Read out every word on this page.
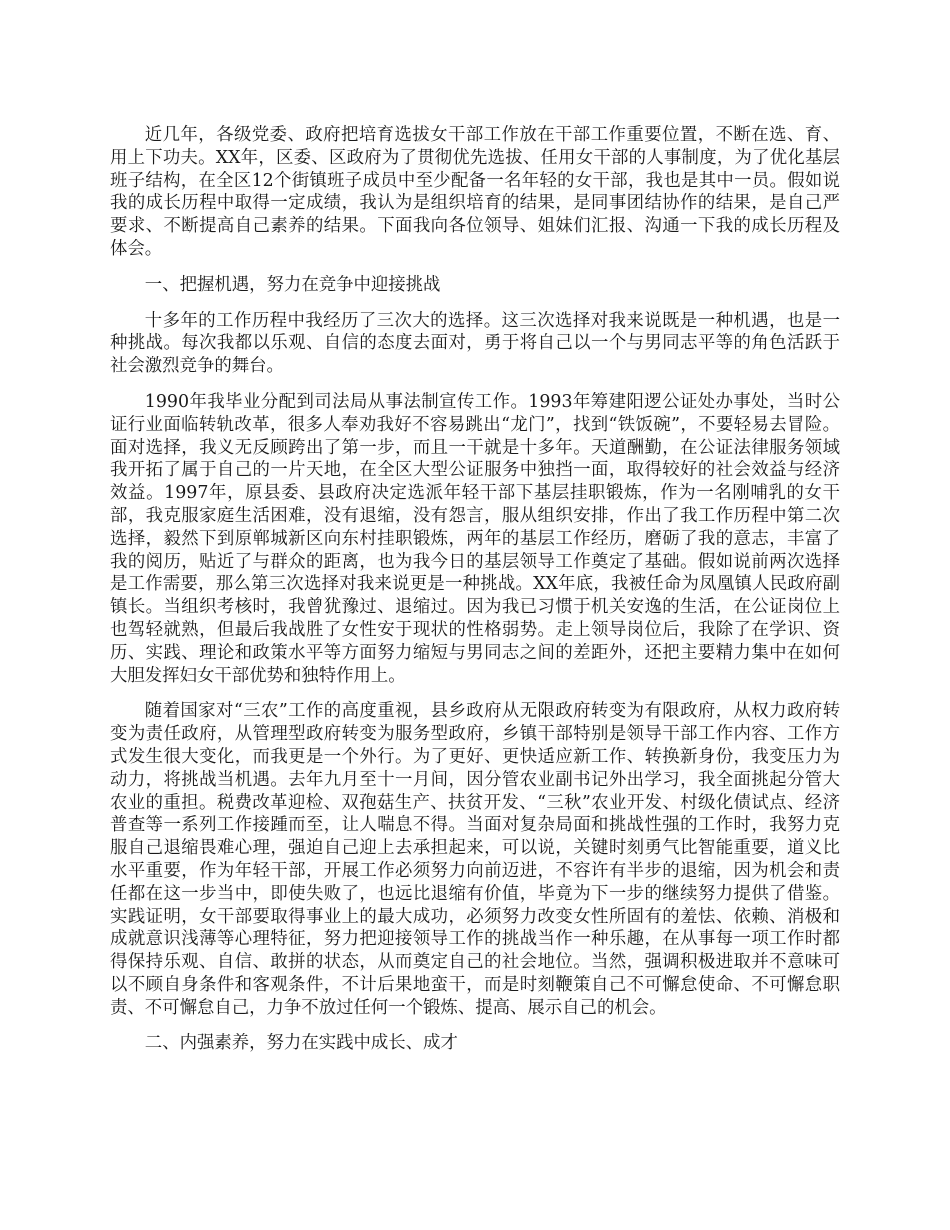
近几年，各级党委、政府把培育选拔女干部工作放在干部工作重要位置，不断在选、育、用上下功夫。XX年，区委、区政府为了贯彻优先选拔、任用女干部的人事制度，为了优化基层班子结构，在全区12个街镇班子成员中至少配备一名年轻的女干部，我也是其中一员。假如说我的成长历程中取得一定成绩，我认为是组织培育的结果，是同事团结协作的结果，是自己严要求、不断提高自己素养的结果。下面我向各位领导、姐妹们汇报、沟通一下我的成长历程及体会。

一、把握机遇，努力在竞争中迎接挑战

十多年的工作历程中我经历了三次大的选择。这三次选择对我来说既是一种机遇，也是一种挑战。每次我都以乐观、自信的态度去面对，勇于将自己以一个与男同志平等的角色活跃于社会激烈竞争的舞台。

1990年我毕业分配到司法局从事法制宣传工作。1993年筹建阳逻公证处办事处，当时公证行业面临转轨改革，很多人奉劝我好不容易跳出“龙门”，找到“铁饭碗”，不要轻易去冒险。面对选择，我义无反顾跨出了第一步，而且一干就是十多年。天道酬勤，在公证法律服务领域我开拓了属于自己的一片天地，在全区大型公证服务中独挡一面，取得较好的社会效益与经济效益。1997年，原县委、县政府决定选派年轻干部下基层挂职锻炼，作为一名刚哺乳的女干部，我克服家庭生活困难，没有退缩，没有怨言，服从组织安排，作出了我工作历程中第二次选择，毅然下到原郸城新区向东村挂职锻炼，两年的基层工作经历，磨砺了我的意志，丰富了我的阅历，贴近了与群众的距离，也为我今日的基层领导工作奠定了基础。假如说前两次选择是工作需要，那么第三次选择对我来说更是一种挑战。XX年底，我被任命为凤凰镇人民政府副镇长。当组织考核时，我曾犹豫过、退缩过。因为我已习惯于机关安逸的生活，在公证岗位上也驾轻就熟，但最后我战胜了女性安于现状的性格弱势。走上领导岗位后，我除了在学识、资历、实践、理论和政策水平等方面努力缩短与男同志之间的差距外，还把主要精力集中在如何大胆发挥妇女干部优势和独特作用上。

随着国家对“三农”工作的高度重视，县乡政府从无限政府转变为有限政府，从权力政府转变为责任政府，从管理型政府转变为服务型政府，乡镇干部特别是领导干部工作内容、工作方式发生很大变化，而我更是一个外行。为了更好、更快适应新工作、转换新身份，我变压力为动力，将挑战当机遇。去年九月至十一月间，因分管农业副书记外出学习，我全面挑起分管大农业的重担。税费改革迎检、双孢菇生产、扶贫开发、“三秋”农业开发、村级化债试点、经济普查等一系列工作接踵而至，让人喘息不得。当面对复杂局面和挑战性强的工作时，我努力克服自己退缩畏难心理，强迫自己迎上去承担起来，可以说，关键时刻勇气比智能重要，道义比水平重要，作为年轻干部，开展工作必须努力向前迈进，不容许有半步的退缩，因为机会和责任都在这一步当中，即使失败了，也远比退缩有价值，毕竟为下一步的继续努力提供了借鉴。实践证明，女干部要取得事业上的最大成功，必须努力改变女性所固有的羞怯、依赖、消极和成就意识浅薄等心理特征，努力把迎接领导工作的挑战当作一种乐趣，在从事每一项工作时都得保持乐观、自信、敢拼的状态，从而奠定自己的社会地位。当然，强调积极进取并不意味可以不顾自身条件和客观条件，不计后果地蛮干，而是时刻鞭策自己不可懈怠使命、不可懈怠职责、不可懈怠自己，力争不放过任何一个锻炼、提高、展示自己的机会。

二、内强素养，努力在实践中成长、成才
